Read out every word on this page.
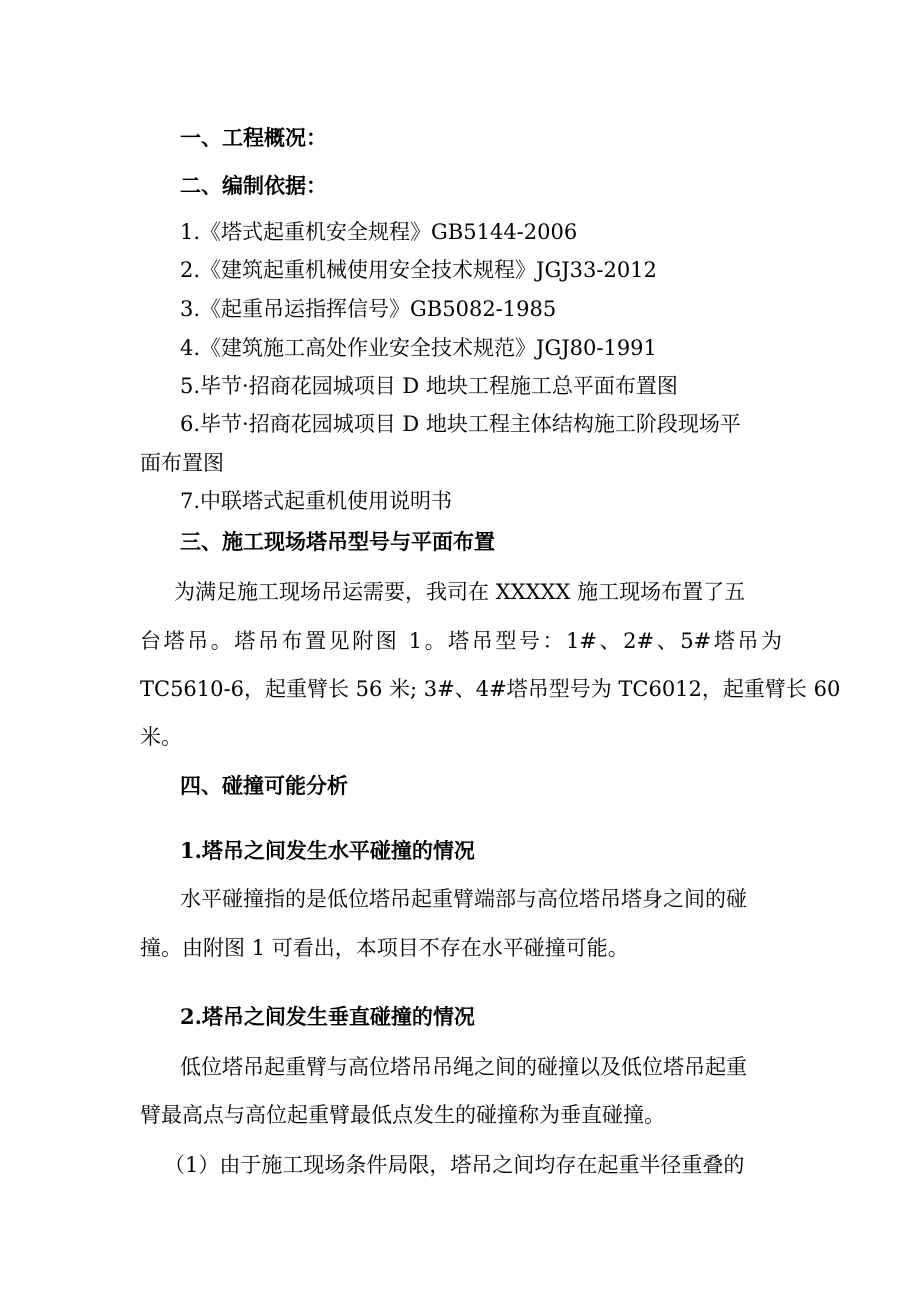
一、工程概况：
二、编制依据：
1.《塔式起重机安全规程》GB5144-2006
2.《建筑起重机械使用安全技术规程》JGJ33-2012
3.《起重吊运指挥信号》GB5082-1985
4.《建筑施工高处作业安全技术规范》JGJ80-1991
5.毕节·招商花园城项目 D 地块工程施工总平面布置图
6.毕节·招商花园城项目 D 地块工程主体结构施工阶段现场平
面布置图
7.中联塔式起重机使用说明书
三、施工现场塔吊型号与平面布置
为满足施工现场吊运需要，我司在 XXXXX 施工现场布置了五
台塔吊。塔吊布置见附图 1。塔吊型号：1#、2#、5#塔吊为
TC5610-6，起重臂长 56 米; 3#、4#塔吊型号为 TC6012，起重臂长 60
米。
四、碰撞可能分析
1.塔吊之间发生水平碰撞的情况
水平碰撞指的是低位塔吊起重臂端部与高位塔吊塔身之间的碰
撞。由附图 1 可看出，本项目不存在水平碰撞可能。
2.塔吊之间发生垂直碰撞的情况
低位塔吊起重臂与高位塔吊吊绳之间的碰撞以及低位塔吊起重
臂最高点与高位起重臂最低点发生的碰撞称为垂直碰撞。
（1）由于施工现场条件局限，塔吊之间均存在起重半径重叠的
